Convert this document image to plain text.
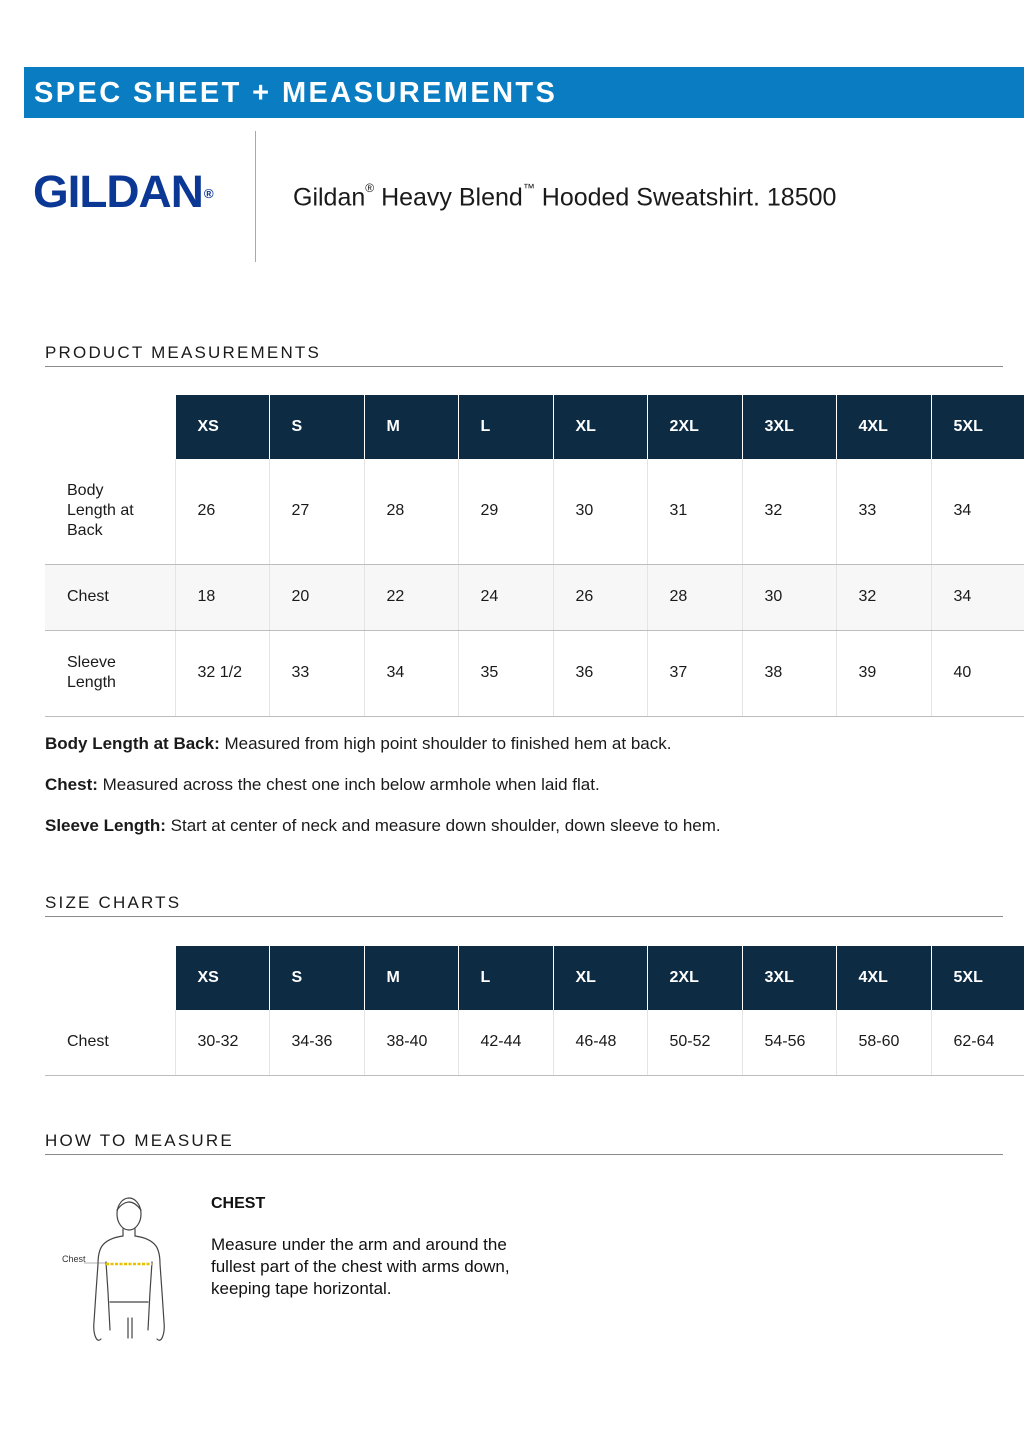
SPEC SHEET + MEASUREMENTS
GILDAN®	Gildan® Heavy Blend™ Hooded Sweatshirt. 18500
PRODUCT MEASUREMENTS
	XS	S	M	L	XL	2XL	3XL	4XL	5XL
Body Length at Back	26	27	28	29	30	31	32	33	34
Chest	18	20	22	24	26	28	30	32	34
Sleeve Length	32 1/2	33	34	35	36	37	38	39	40

Body Length at Back: Measured from high point shoulder to finished hem at back.

Chest: Measured across the chest one inch below armhole when laid flat.

Sleeve Length: Start at center of neck and measure down shoulder, down sleeve to hem.

SIZE CHARTS
	XS	S	M	L	XL	2XL	3XL	4XL	5XL
Chest	30-32	34-36	38-40	42-44	46-48	50-52	54-56	58-60	62-64
HOW TO MEASURE
Chest
CHEST
Measure under the arm and around the fullest part of the chest with arms down, keeping tape horizontal.
